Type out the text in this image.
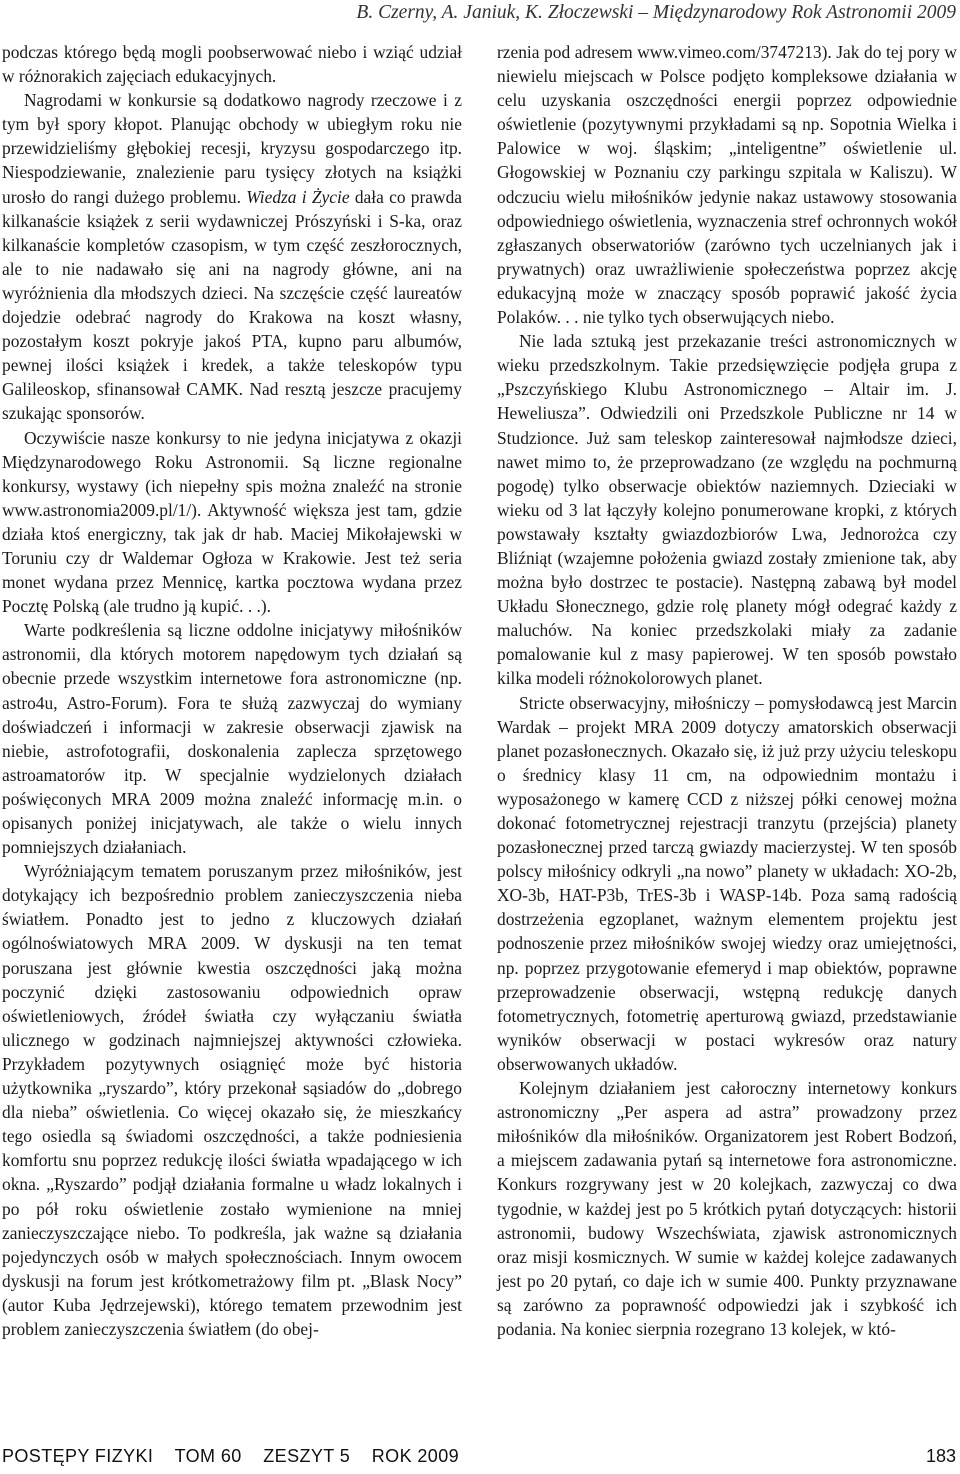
B. Czerny, A. Janiuk, K. Złoczewski – Międzynarodowy Rok Astronomii 2009

podczas którego będą mogli poobserwować niebo i wziąć udział w różnorakich zajęciach edukacyjnych.

Nagrodami w konkursie są dodatkowo nagrody rzeczowe i z tym był spory kłopot. Planując obchody w ubiegłym roku nie przewidzieliśmy głębokiej recesji, kryzysu gospodarczego itp. Niespodziewanie, znalezienie paru tysięcy złotych na książki urosło do rangi dużego problemu. Wiedza i Życie dała co prawda kilkanaście książek z serii wydawniczej Prószyński i S-ka, oraz kilkanaście kompletów czasopism, w tym część zeszłorocznych, ale to nie nadawało się ani na nagrody główne, ani na wyróżnienia dla młodszych dzieci. Na szczęście część laureatów dojedzie odebrać nagrody do Krakowa na koszt własny, pozostałym koszt pokryje jakoś PTA, kupno paru albumów, pewnej ilości książek i kredek, a także teleskopów typu Galileoskop, sfinansował CAMK. Nad resztą jeszcze pracujemy szukając sponsorów.

Oczywiście nasze konkursy to nie jedyna inicjatywa z okazji Międzynarodowego Roku Astronomii. Są liczne regionalne konkursy, wystawy (ich niepełny spis można znaleźć na stronie www.astronomia2009.pl/1/). Aktywność większa jest tam, gdzie działa ktoś energiczny, tak jak dr hab. Maciej Mikołajewski w Toruniu czy dr Waldemar Ogłoza w Krakowie. Jest też seria monet wydana przez Mennicę, kartka pocztowa wydana przez Pocztę Polską (ale trudno ją kupić. . .).

Warte podkreślenia są liczne oddolne inicjatywy miłośników astronomii, dla których motorem napędowym tych działań są obecnie przede wszystkim internetowe fora astronomiczne (np. astro4u, Astro-Forum). Fora te służą zazwyczaj do wymiany doświadczeń i informacji w zakresie obserwacji zjawisk na niebie, astrofotografii, doskonalenia zaplecza sprzętowego astroamatorów itp. W specjalnie wydzielonych działach poświęconych MRA 2009 można znaleźć informację m.in. o opisanych poniżej inicjatywach, ale także o wielu innych pomniejszych działaniach.

Wyróżniającym tematem poruszanym przez miłośników, jest dotykający ich bezpośrednio problem zanieczyszczenia nieba światłem. Ponadto jest to jedno z kluczowych działań ogólnoświatowych MRA 2009. W dyskusji na ten temat poruszana jest głównie kwestia oszczędności jaką można poczynić dzięki zastosowaniu odpowiednich opraw oświetleniowych, źródeł światła czy wyłączaniu światła ulicznego w godzinach najmniejszej aktywności człowieka. Przykładem pozytywnych osiągnięć może być historia użytkownika „ryszardo”, który przekonał sąsiadów do „dobrego dla nieba” oświetlenia. Co więcej okazało się, że mieszkańcy tego osiedla są świadomi oszczędności, a także podniesienia komfortu snu poprzez redukcję ilości światła wpadającego w ich okna. „Ryszardo” podjął działania formalne u władz lokalnych i po pół roku oświetlenie zostało wymienione na mniej zanieczyszczające niebo. To podkreśla, jak ważne są działania pojedynczych osób w małych społecznościach. Innym owocem dyskusji na forum jest krótkometrażowy film pt. „Blask Nocy” (autor Kuba Jędrzejewski), którego tematem przewodnim jest problem zanieczyszczenia światłem (do obej-

rzenia pod adresem www.vimeo.com/3747213). Jak do tej pory w niewielu miejscach w Polsce podjęto kompleksowe działania w celu uzyskania oszczędności energii poprzez odpowiednie oświetlenie (pozytywnymi przykładami są np. Sopotnia Wielka i Palowice w woj. śląskim; „inteligentne” oświetlenie ul. Głogowskiej w Poznaniu czy parkingu szpitala w Kaliszu). W odczuciu wielu miłośników jedynie nakaz ustawowy stosowania odpowiedniego oświetlenia, wyznaczenia stref ochronnych wokół zgłaszanych obserwatoriów (zarówno tych uczelnianych jak i prywatnych) oraz uwrażliwienie społeczeństwa poprzez akcję edukacyjną może w znaczący sposób poprawić jakość życia Polaków. . . nie tylko tych obserwujących niebo.

Nie lada sztuką jest przekazanie treści astronomicznych w wieku przedszkolnym. Takie przedsięwzięcie podjęła grupa z „Pszczyńskiego Klubu Astronomicznego – Altair im. J. Heweliusza”. Odwiedzili oni Przedszkole Publiczne nr 14 w Studzionce. Już sam teleskop zainteresował najmłodsze dzieci, nawet mimo to, że przeprowadzano (ze względu na pochmurną pogodę) tylko obserwacje obiektów naziemnych. Dzieciaki w wieku od 3 lat łączyły kolejno ponumerowane kropki, z których powstawały kształty gwiazdozbiorów Lwa, Jednorożca czy Bliźniąt (wzajemne położenia gwiazd zostały zmienione tak, aby można było dostrzec te postacie). Następną zabawą był model Układu Słonecznego, gdzie rolę planety mógł odegrać każdy z maluchów. Na koniec przedszkolaki miały za zadanie pomalowanie kul z masy papierowej. W ten sposób powstało kilka modeli różnokolorowych planet.

Stricte obserwacyjny, miłośniczy – pomysłodawcą jest Marcin Wardak – projekt MRA 2009 dotyczy amatorskich obserwacji planet pozasłonecznych. Okazało się, iż już przy użyciu teleskopu o średnicy klasy 11 cm, na odpowiednim montażu i wyposażonego w kamerę CCD z niższej półki cenowej można dokonać fotometrycznej rejestracji tranzytu (przejścia) planety pozasłonecznej przed tarczą gwiazdy macierzystej. W ten sposób polscy miłośnicy odkryli „na nowo” planety w układach: XO-2b, XO-3b, HAT-P3b, TrES-3b i WASP-14b. Poza samą radością dostrzeżenia egzoplanet, ważnym elementem projektu jest podnoszenie przez miłośników swojej wiedzy oraz umiejętności, np. poprzez przygotowanie efemeryd i map obiektów, poprawne przeprowadzenie obserwacji, wstępną redukcję danych fotometrycznych, fotometrię aperturową gwiazd, przedstawianie wyników obserwacji w postaci wykresów oraz natury obserwowanych układów.

Kolejnym działaniem jest całoroczny internetowy konkurs astronomiczny „Per aspera ad astra” prowadzony przez miłośników dla miłośników. Organizatorem jest Robert Bodzoń, a miejscem zadawania pytań są internetowe fora astronomiczne. Konkurs rozgrywany jest w 20 kolejkach, zazwyczaj co dwa tygodnie, w każdej jest po 5 krótkich pytań dotyczących: historii astronomii, budowy Wszechświata, zjawisk astronomicznych oraz misji kosmicznych. W sumie w każdej kolejce zadawanych jest po 20 pytań, co daje ich w sumie 400. Punkty przyznawane są zarówno za poprawność odpowiedzi jak i szybkość ich podania. Na koniec sierpnia rozegrano 13 kolejek, w któ-

POSTĘPY FIZYKI    TOM 60    ZESZYT 5    ROK 2009	183
